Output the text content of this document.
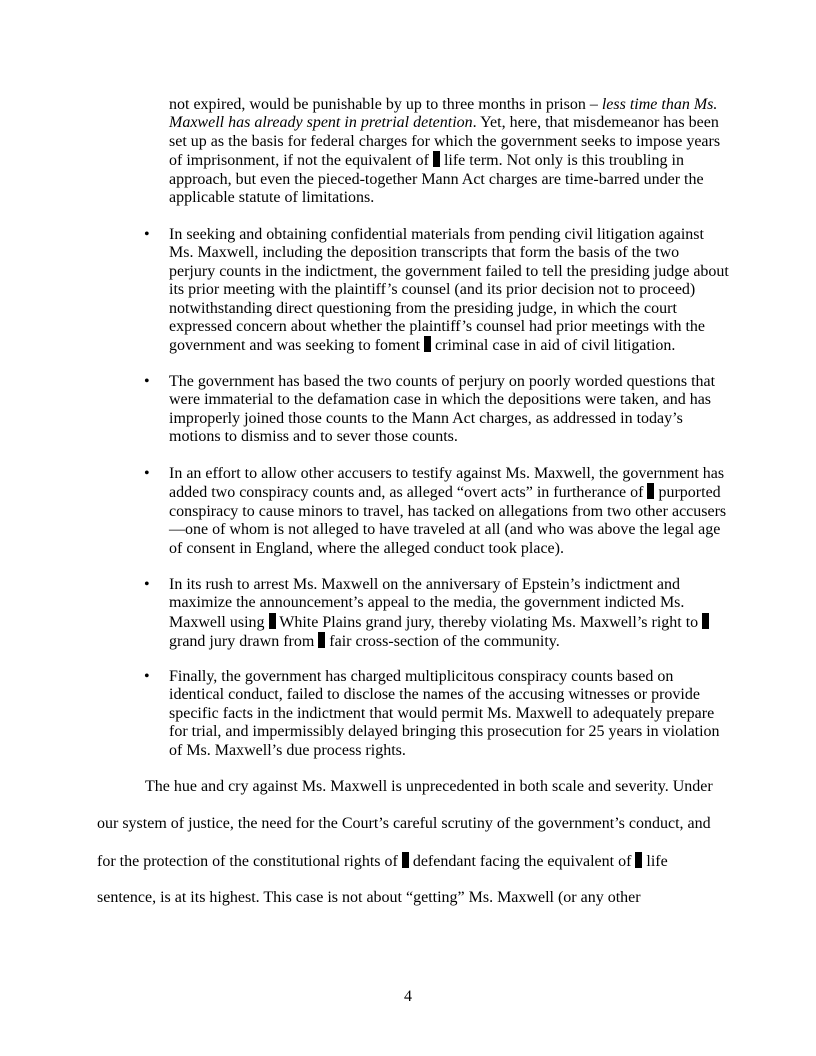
not expired, would be punishable by up to three months in prison – less time than Ms. Maxwell has already spent in pretrial detention. Yet, here, that misdemeanor has been set up as the basis for federal charges for which the government seeks to impose years of imprisonment, if not the equivalent of  life term. Not only is this troubling in approach, but even the pieced-together Mann Act charges are time-barred under the applicable statute of limitations.
• In seeking and obtaining confidential materials from pending civil litigation against Ms. Maxwell, including the deposition transcripts that form the basis of the two perjury counts in the indictment, the government failed to tell the presiding judge about its prior meeting with the plaintiff’s counsel (and its prior decision not to proceed) notwithstanding direct questioning from the presiding judge, in which the court expressed concern about whether the plaintiff’s counsel had prior meetings with the government and was seeking to foment  criminal case in aid of civil litigation.
• The government has based the two counts of perjury on poorly worded questions that were immaterial to the defamation case in which the depositions were taken, and has improperly joined those counts to the Mann Act charges, as addressed in today’s motions to dismiss and to sever those counts.
• In an effort to allow other accusers to testify against Ms. Maxwell, the government has added two conspiracy counts and, as alleged “overt acts” in furtherance of  purported conspiracy to cause minors to travel, has tacked on allegations from two other accusers—one of whom is not alleged to have traveled at all (and who was above the legal age of consent in England, where the alleged conduct took place).
• In its rush to arrest Ms. Maxwell on the anniversary of Epstein’s indictment and maximize the announcement’s appeal to the media, the government indicted Ms. Maxwell using  White Plains grand jury, thereby violating Ms. Maxwell’s right to  grand jury drawn from  fair cross-section of the community.
• Finally, the government has charged multiplicitous conspiracy counts based on identical conduct, failed to disclose the names of the accusing witnesses or provide specific facts in the indictment that would permit Ms. Maxwell to adequately prepare for trial, and impermissibly delayed bringing this prosecution for 25 years in violation of Ms. Maxwell’s due process rights.
The hue and cry against Ms. Maxwell is unprecedented in both scale and severity. Under
our system of justice, the need for the Court’s careful scrutiny of the government’s conduct, and
for the protection of the constitutional rights of  defendant facing the equivalent of  life
sentence, is at its highest. This case is not about “getting” Ms. Maxwell (or any other
4
